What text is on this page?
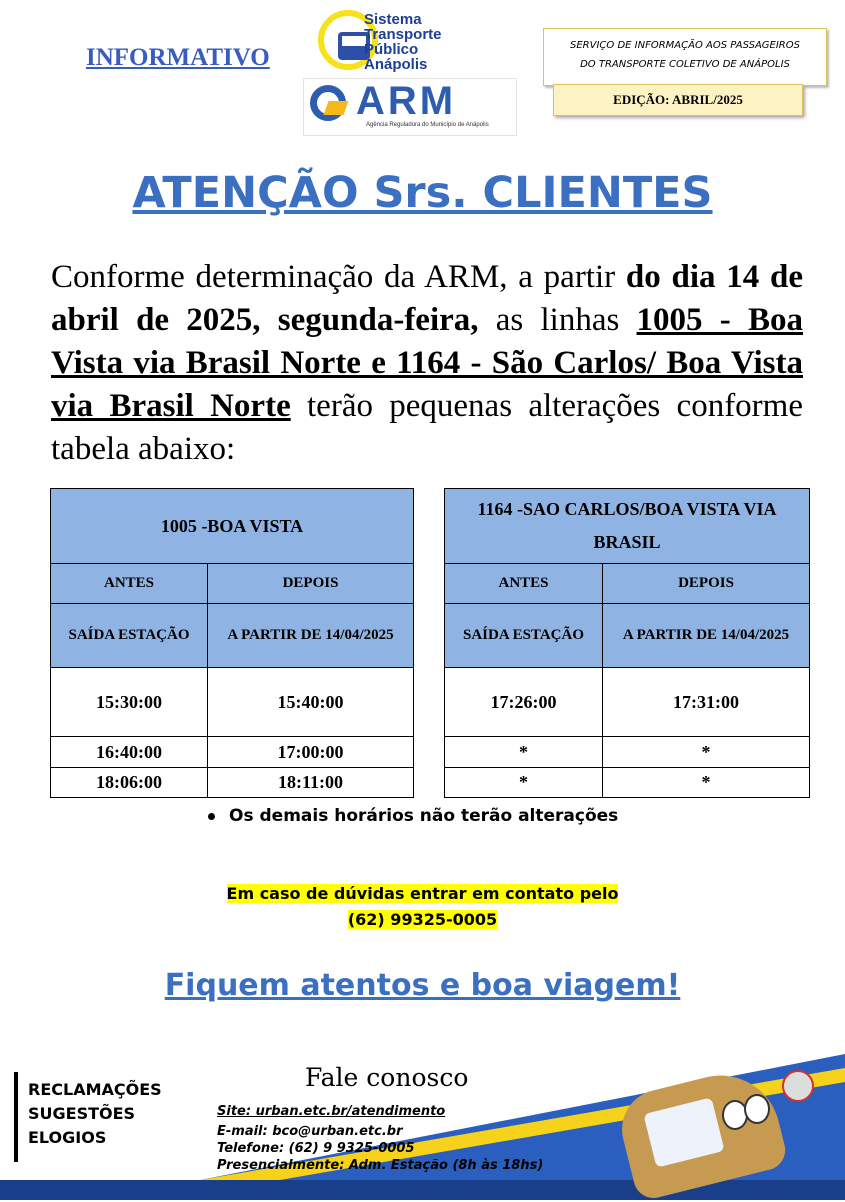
INFORMATIVO
Sistema
Transporte
Público
Anápolis
ARM
Agência Reguladora do Município de Anápolis
SERVIÇO DE INFORMAÇÃO AOS PASSAGEIROS
DO TRANSPORTE COLETIVO DE ANÁPOLIS
EDIÇÃO: ABRIL/2025
ATENÇÃO Srs. CLIENTES
Conforme determinação da ARM, a partir do dia 14 de abril de 2025, segunda-feira, as linhas 1005 - Boa Vista via Brasil Norte e 1164 - São Carlos/ Boa Vista via Brasil Norte terão pequenas alterações conforme tabela abaixo:
1005 -BOA VISTA	
ANTES	DEPOIS
SAÍDA ESTAÇÃO	A PARTIR DE 14/04/2025
15:30:00	15:40:00
16:40:00	17:00:00
18:06:00	18:11:00
1164 -SAO CARLOS/BOA VISTA VIA BRASIL	
ANTES	DEPOIS
SAÍDA ESTAÇÃO	A PARTIR DE 14/04/2025
17:26:00	17:31:00
*	*
*	*
Os demais horários não terão alterações
Em caso de dúvidas entrar em contato pelo
(62) 99325-0005
Fiquem atentos e boa viagem!
RECLAMAÇÕES
SUGESTÕES
ELOGIOS
Fale conosco
Site: urban.etc.br/atendimento
E-mail: bco@urban.etc.br
Telefone: (62) 9 9325-0005
Presencialmente: Adm. Estação (8h às 18hs)
